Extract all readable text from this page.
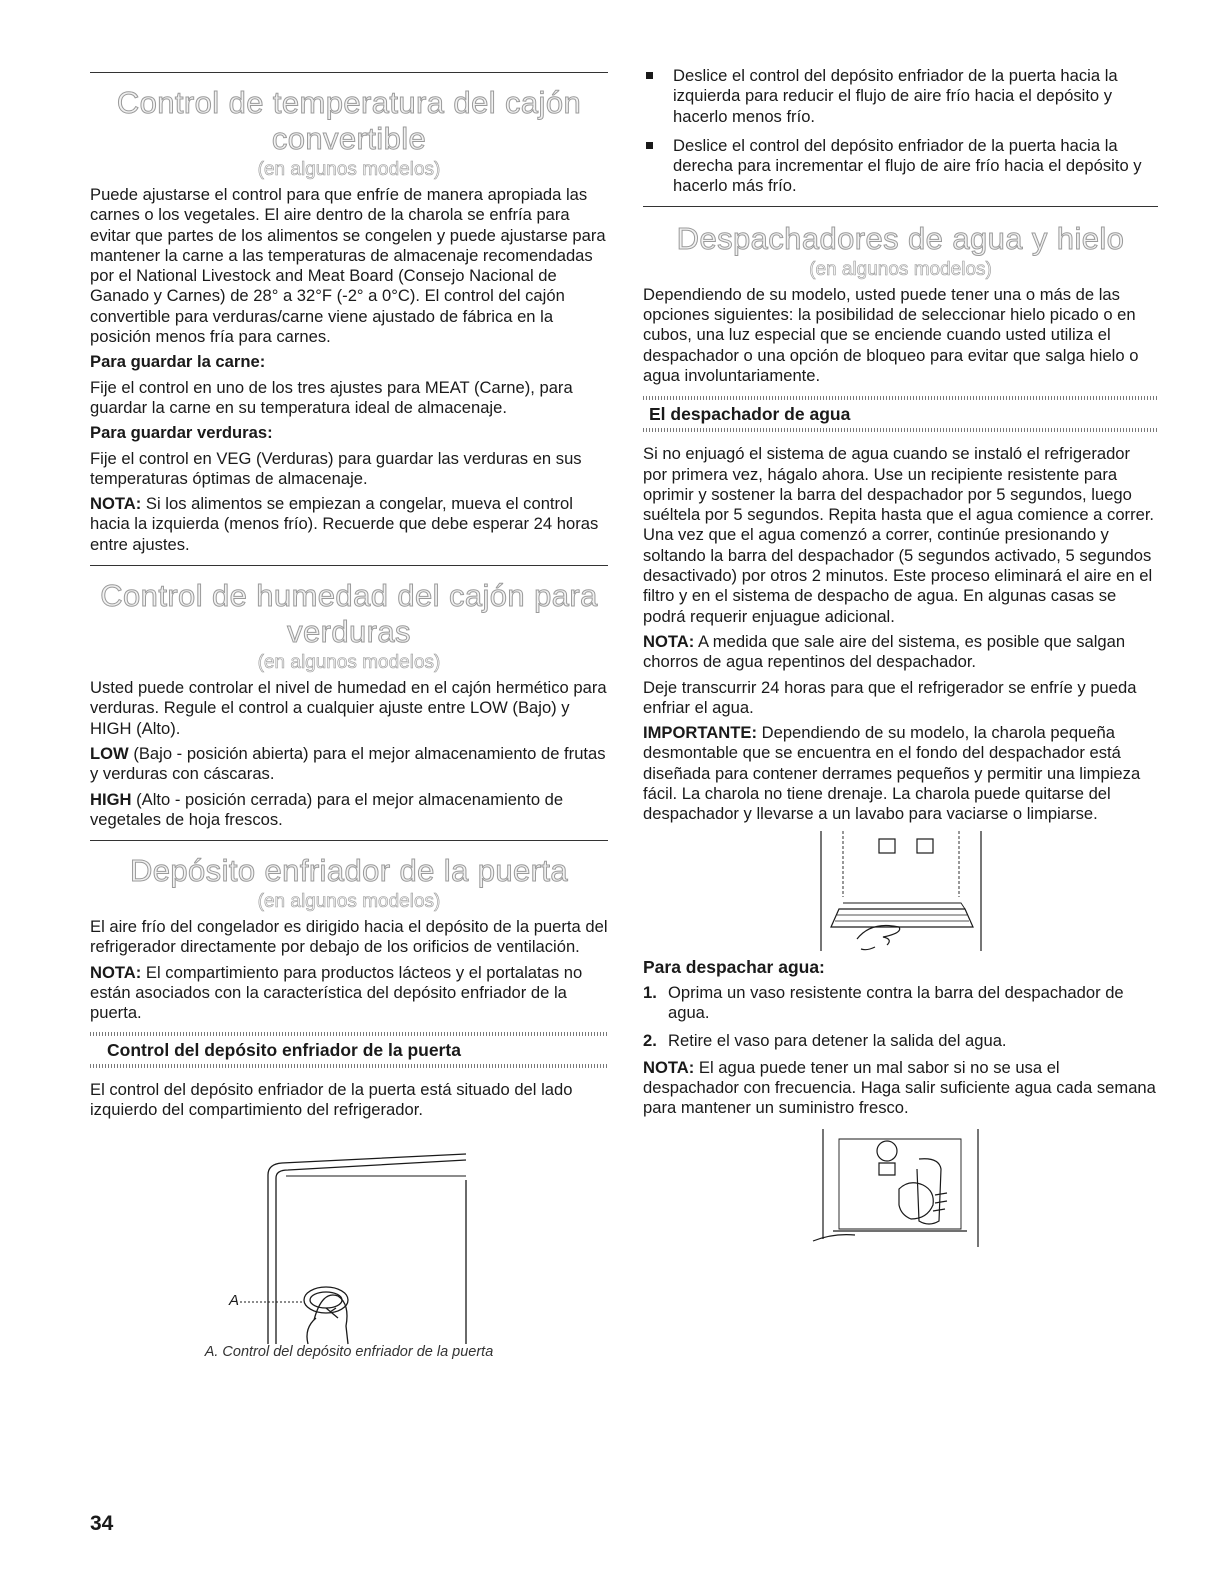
Control de temperatura del cajón
convertible
(en algunos modelos)

Puede ajustarse el control para que enfríe de manera apropiada las carnes o los vegetales. El aire dentro de la charola se enfría para evitar que partes de los alimentos se congelen y puede ajustarse para mantener la carne a las temperaturas de almacenaje recomendadas por el National Livestock and Meat Board (Consejo Nacional de Ganado y Carnes) de 28° a 32°F (-2° a 0°C). El control del cajón convertible para verduras/carne viene ajustado de fábrica en la posición menos fría para carnes.

Para guardar la carne:

Fije el control en uno de los tres ajustes para MEAT (Carne), para guardar la carne en su temperatura ideal de almacenaje.

Para guardar verduras:

Fije el control en VEG (Verduras) para guardar las verduras en sus temperaturas óptimas de almacenaje.

NOTA: Si los alimentos se empiezan a congelar, mueva el control hacia la izquierda (menos frío). Recuerde que debe esperar 24 horas entre ajustes.

Control de humedad del cajón para
verduras
(en algunos modelos)

Usted puede controlar el nivel de humedad en el cajón hermético para verduras. Regule el control a cualquier ajuste entre LOW (Bajo) y HIGH (Alto).

LOW (Bajo - posición abierta) para el mejor almacenamiento de frutas y verduras con cáscaras.

HIGH (Alto - posición cerrada) para el mejor almacenamiento de vegetales de hoja frescos.

Depósito enfriador de la puerta
(en algunos modelos)

El aire frío del congelador es dirigido hacia el depósito de la puerta del refrigerador directamente por debajo de los orificios de ventilación.

NOTA: El compartimiento para productos lácteos y el portalatas no están asociados con la característica del depósito enfriador de la puerta.

Control del depósito enfriador de la puerta

El control del depósito enfriador de la puerta está situado del lado izquierdo del compartimiento del refrigerador.

A
A. Control del depósito enfriador de la puerta
Deslice el control del depósito enfriador de la puerta hacia la izquierda para reducir el flujo de aire frío hacia el depósito y hacerlo menos frío.
Deslice el control del depósito enfriador de la puerta hacia la derecha para incrementar el flujo de aire frío hacia el depósito y hacerlo más frío.
Despachadores de agua y hielo
(en algunos modelos)

Dependiendo de su modelo, usted puede tener una o más de las opciones siguientes: la posibilidad de seleccionar hielo picado o en cubos, una luz especial que se enciende cuando usted utiliza el despachador o una opción de bloqueo para evitar que salga hielo o agua involuntariamente.

El despachador de agua

Si no enjuagó el sistema de agua cuando se instaló el refrigerador por primera vez, hágalo ahora. Use un recipiente resistente para oprimir y sostener la barra del despachador por 5 segundos, luego suéltela por 5 segundos. Repita hasta que el agua comience a correr. Una vez que el agua comenzó a correr, continúe presionando y soltando la barra del despachador (5 segundos activado, 5 segundos desactivado) por otros 2 minutos. Este proceso eliminará el aire en el filtro y en el sistema de despacho de agua. En algunas casas se podrá requerir enjuague adicional.

NOTA: A medida que sale aire del sistema, es posible que salgan chorros de agua repentinos del despachador.

Deje transcurrir 24 horas para que el refrigerador se enfríe y pueda enfriar el agua.

IMPORTANTE: Dependiendo de su modelo, la charola pequeña desmontable que se encuentra en el fondo del despachador está diseñada para contener derrames pequeños y permitir una limpieza fácil. La charola no tiene drenaje. La charola puede quitarse del despachador y llevarse a un lavabo para vaciarse o limpiarse.

Para despachar agua:

1. Oprima un vaso resistente contra la barra del despachador de agua.
2. Retire el vaso para detener la salida del agua.

NOTA: El agua puede tener un mal sabor si no se usa el despachador con frecuencia. Haga salir suficiente agua cada semana para mantener un suministro fresco.

34
